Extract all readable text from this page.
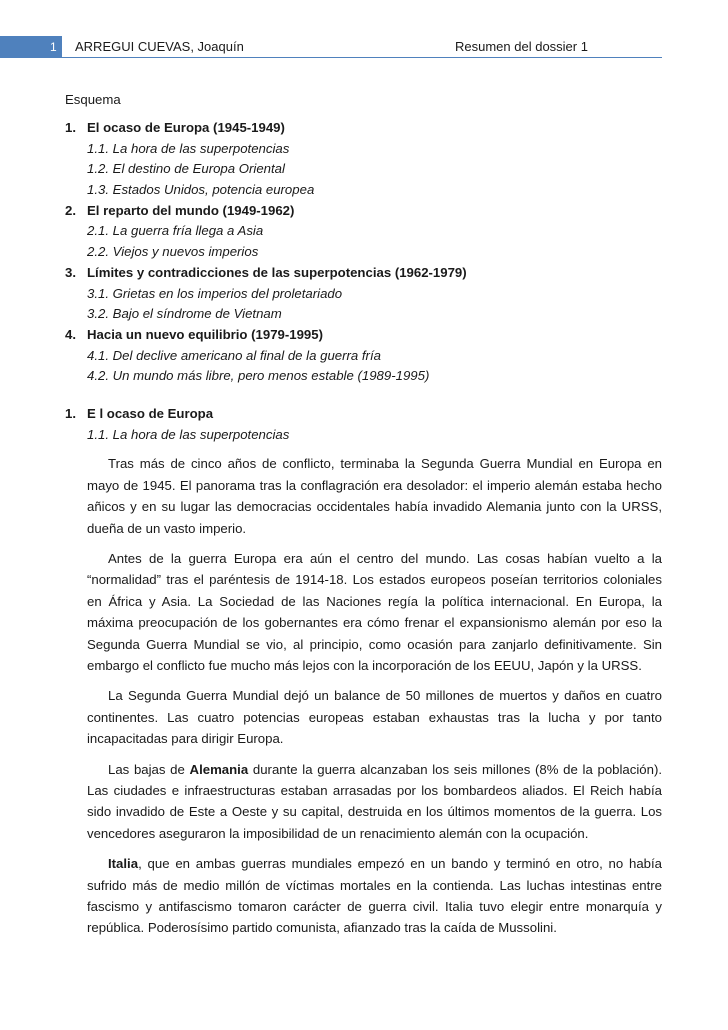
1	ARREGUI CUEVAS, Joaquín	Resumen del dossier 1

Esquema

1. El ocaso de Europa (1945-1949)
1.1. La hora de las superpotencias
1.2. El destino de Europa Oriental
1.3. Estados Unidos, potencia europea
2. El reparto del mundo (1949-1962)
2.1. La guerra fría llega a Asia
2.2. Viejos y nuevos imperios
3. Límites y contradicciones de las superpotencias (1962-1979)
3.1. Grietas en los imperios del proletariado
3.2. Bajo el síndrome de Vietnam
4. Hacia un nuevo equilibrio (1979-1995)
4.1. Del declive americano al final de la guerra fría
4.2. Un mundo más libre, pero menos estable (1989-1995)
1. E l ocaso de Europa
1.1. La hora de las superpotencias

Tras más de cinco años de conflicto, terminaba la Segunda Guerra Mundial en Europa en mayo de 1945. El panorama tras la conflagración era desolador: el imperio alemán estaba hecho añicos y en su lugar las democracias occidentales había invadido Alemania junto con la URSS, dueña de un vasto imperio.

Antes de la guerra Europa era aún el centro del mundo. Las cosas habían vuelto a la “normalidad” tras el paréntesis de 1914-18. Los estados europeos poseían territorios coloniales en África y Asia. La Sociedad de las Naciones regía la política internacional. En Europa, la máxima preocupación de los gobernantes era cómo frenar el expansionismo alemán por eso la Segunda Guerra Mundial se vio, al principio, como ocasión para zanjarlo definitivamente. Sin embargo el conflicto fue mucho más lejos con la incorporación de los EEUU, Japón y la URSS.

La Segunda Guerra Mundial dejó un balance de 50 millones de muertos y daños en cuatro continentes. Las cuatro potencias europeas estaban exhaustas tras la lucha y por tanto incapacitadas para dirigir Europa.

Las bajas de Alemania durante la guerra alcanzaban los seis millones (8% de la población). Las ciudades e infraestructuras estaban arrasadas por los bombardeos aliados. El Reich había sido invadido de Este a Oeste y su capital, destruida en los últimos momentos de la guerra. Los vencedores aseguraron la imposibilidad de un renacimiento alemán con la ocupación.

Italia, que en ambas guerras mundiales empezó en un bando y terminó en otro, no había sufrido más de medio millón de víctimas mortales en la contienda. Las luchas intestinas entre fascismo y antifascismo tomaron carácter de guerra civil. Italia tuvo elegir entre monarquía y república. Poderosísimo partido comunista, afianzado tras la caída de Mussolini.
